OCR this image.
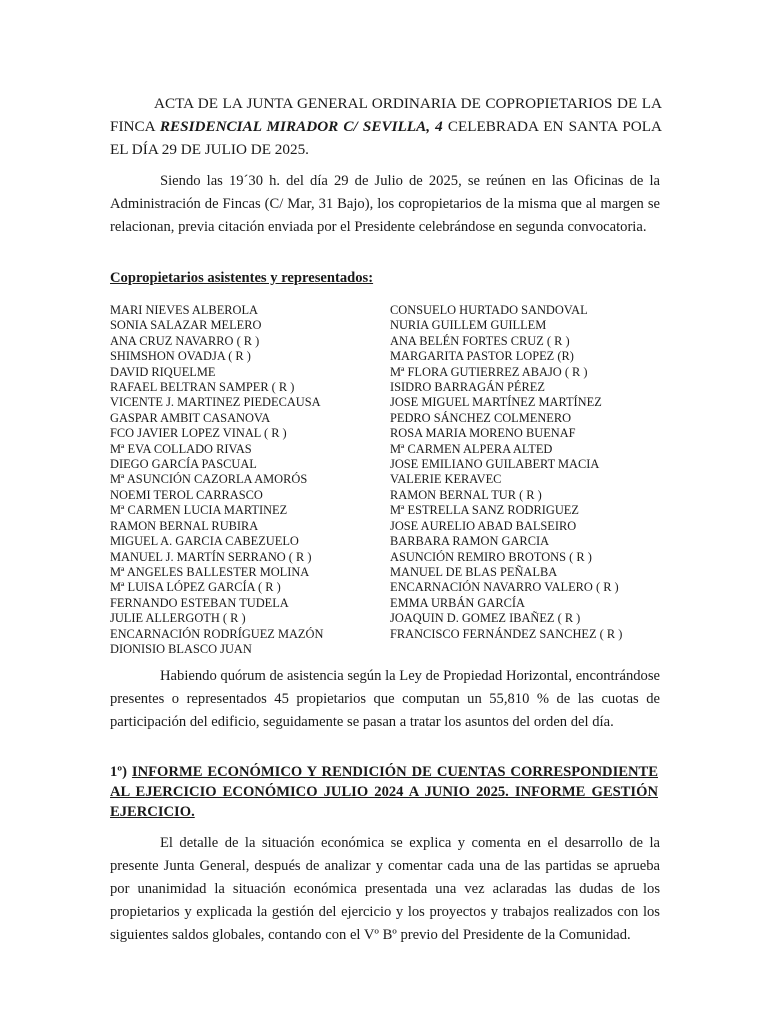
ACTA DE LA JUNTA GENERAL ORDINARIA DE COPROPIETARIOS DE LA FINCA RESIDENCIAL MIRADOR C/ SEVILLA, 4 CELEBRADA EN SANTA POLA EL DÍA 29 DE JULIO DE 2025.
Siendo las 19´30 h. del día 29 de Julio de 2025, se reúnen en las Oficinas de la Administración de Fincas (C/ Mar, 31 Bajo), los copropietarios de la misma que al margen se relacionan, previa citación enviada por el Presidente celebrándose en segunda convocatoria.
Copropietarios asistentes y representados:
MARI NIEVES ALBEROLA
SONIA SALAZAR MELERO
ANA CRUZ NAVARRO ( R )
SHIMSHON OVADJA ( R )
DAVID RIQUELME
RAFAEL BELTRAN SAMPER ( R )
VICENTE J. MARTINEZ PIEDECAUSA
GASPAR AMBIT CASANOVA
FCO JAVIER LOPEZ VINAL ( R )
Mª EVA COLLADO RIVAS
DIEGO GARCÍA PASCUAL
Mª ASUNCIÓN CAZORLA AMORÓS
NOEMI TEROL CARRASCO
Mª CARMEN LUCIA MARTINEZ
RAMON BERNAL RUBIRA
MIGUEL A. GARCIA CABEZUELO
MANUEL J. MARTÍN SERRANO ( R )
Mª ANGELES BALLESTER MOLINA
Mª LUISA LÓPEZ GARCÍA ( R )
FERNANDO ESTEBAN TUDELA
JULIE ALLERGOTH ( R )
ENCARNACIÓN RODRÍGUEZ MAZÓN
DIONISIO BLASCO JUAN
CONSUELO HURTADO SANDOVAL
NURIA GUILLEM GUILLEM
ANA BELÉN FORTES CRUZ ( R )
MARGARITA PASTOR LOPEZ (R)
Mª FLORA GUTIERREZ ABAJO ( R )
ISIDRO BARRAGÁN PÉREZ
JOSE MIGUEL MARTÍNEZ MARTÍNEZ
PEDRO SÁNCHEZ COLMENERO
ROSA MARIA MORENO BUENAF
Mª CARMEN ALPERA ALTED
JOSE EMILIANO GUILABERT MACIA
VALERIE KERAVEC
RAMON BERNAL TUR ( R )
Mª ESTRELLA SANZ RODRIGUEZ
JOSE AURELIO ABAD BALSEIRO
BARBARA RAMON GARCIA
ASUNCIÓN REMIRO BROTONS ( R )
MANUEL DE BLAS PEÑALBA
ENCARNACIÓN NAVARRO VALERO ( R )
EMMA URBÁN GARCÍA
JOAQUIN D. GOMEZ IBAÑEZ ( R )
FRANCISCO FERNÁNDEZ SANCHEZ ( R )
Habiendo quórum de asistencia según la Ley de Propiedad Horizontal, encontrándose presentes o representados 45 propietarios que computan un 55,810 % de las cuotas de participación del edificio, seguidamente se pasan a tratar los asuntos del orden del día.
1º) INFORME ECONÓMICO Y RENDICIÓN DE CUENTAS CORRESPONDIENTE AL EJERCICIO ECONÓMICO JULIO 2024 A JUNIO 2025. INFORME GESTIÓN EJERCICIO.
El detalle de la situación económica se explica y comenta en el desarrollo de la presente Junta General, después de analizar y comentar cada una de las partidas se aprueba por unanimidad la situación económica presentada una vez aclaradas las dudas de los propietarios y explicada la gestión del ejercicio y los proyectos y trabajos realizados con los siguientes saldos globales, contando con el Vº Bº previo del Presidente de la Comunidad.
